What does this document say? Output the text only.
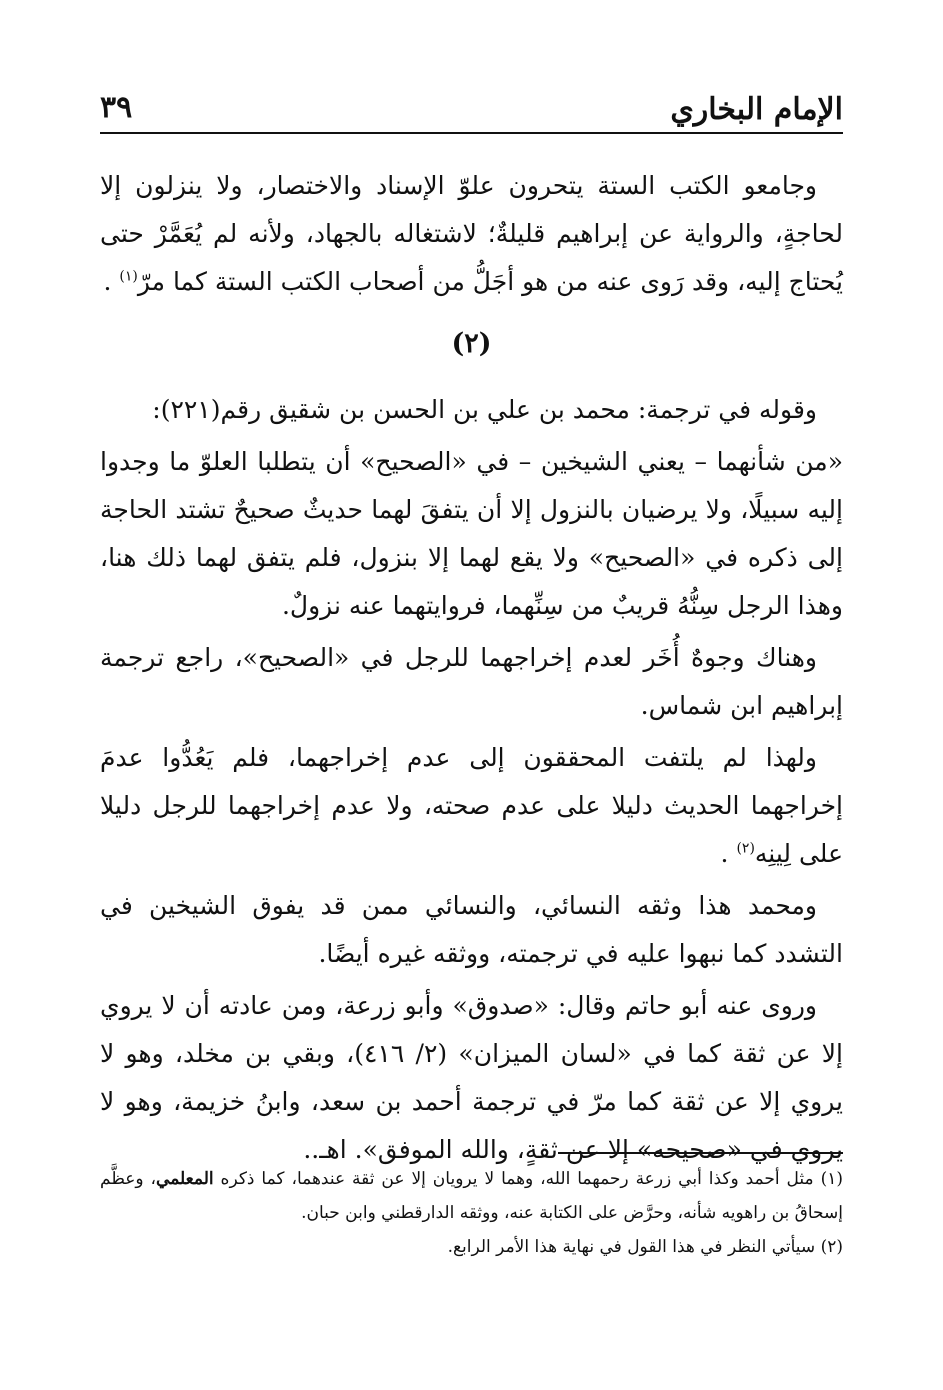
الإمام البخاري
٣٩

وجامعو الكتب الستة يتحرون علوّ الإسناد والاختصار، ولا ينزلون إلا لحاجةٍ، والرواية عن إبراهيم قليلةٌ؛ لاشتغاله بالجهاد، ولأنه لم يُعَمَّرْ حتى يُحتاج إليه، وقد رَوى عنه من هو أجَلُّ من أصحاب الكتب الستة كما مرّ$^{(١)}$ .

(٢)

وقوله في ترجمة: محمد بن علي بن الحسن بن شقيق رقم(٢٢١):

«من شأنهما – يعني الشيخين – في «الصحيح» أن يتطلبا العلوّ ما وجدوا إليه سبيلًا، ولا يرضيان بالنزول إلا أن يتفقَ لهما حديثٌ صحيحٌ تشتد الحاجة إلى ذكره في «الصحيح» ولا يقع لهما إلا بنزول، فلم يتفق لهما ذلك هنا، وهذا الرجل سِنُّهُ قريبٌ من سِنِّهما، فروايتهما عنه نزولٌ.

وهناك وجوهٌ أُخَر لعدم إخراجهما للرجل في «الصحيح»، راجع ترجمة إبراهيم ابن شماس.

ولهذا لم يلتفت المحققون إلى عدم إخراجهما، فلم يَعُدُّوا عدمَ إخراجهما الحديث دليلا على عدم صحته، ولا عدم إخراجهما للرجل دليلا على لِينِه$^{(٢)}$ .

ومحمد هذا وثقه النسائي، والنسائي ممن قد يفوق الشيخين في التشدد كما نبهوا عليه في ترجمته، ووثقه غيره أيضًا.

وروى عنه أبو حاتم وقال: «صدوق» وأبو زرعة، ومن عادته أن لا يروي إلا عن ثقة كما في «لسان الميزان» (٢/ ٤١٦)، وبقي بن مخلد، وهو لا يروي إلا عن ثقة كما مرّ في ترجمة أحمد بن سعد، وابنُ خزيمة، وهو لا يروي في «صحيحه» إلا عن ثقةٍ، والله الموفق». اهـ..

(١) مثل أحمد وكذا أبي زرعة رحمهما الله، وهما لا يرويان إلا عن ثقة عندهما، كما ذكره المعلمي، وعظَّم إسحاقُ بن راهويه شأنه، وحرَّض على الكتابة عنه، ووثقه الدارقطني وابن حبان.

(٢) سيأتي النظر في هذا القول في نهاية هذا الأمر الرابع.
